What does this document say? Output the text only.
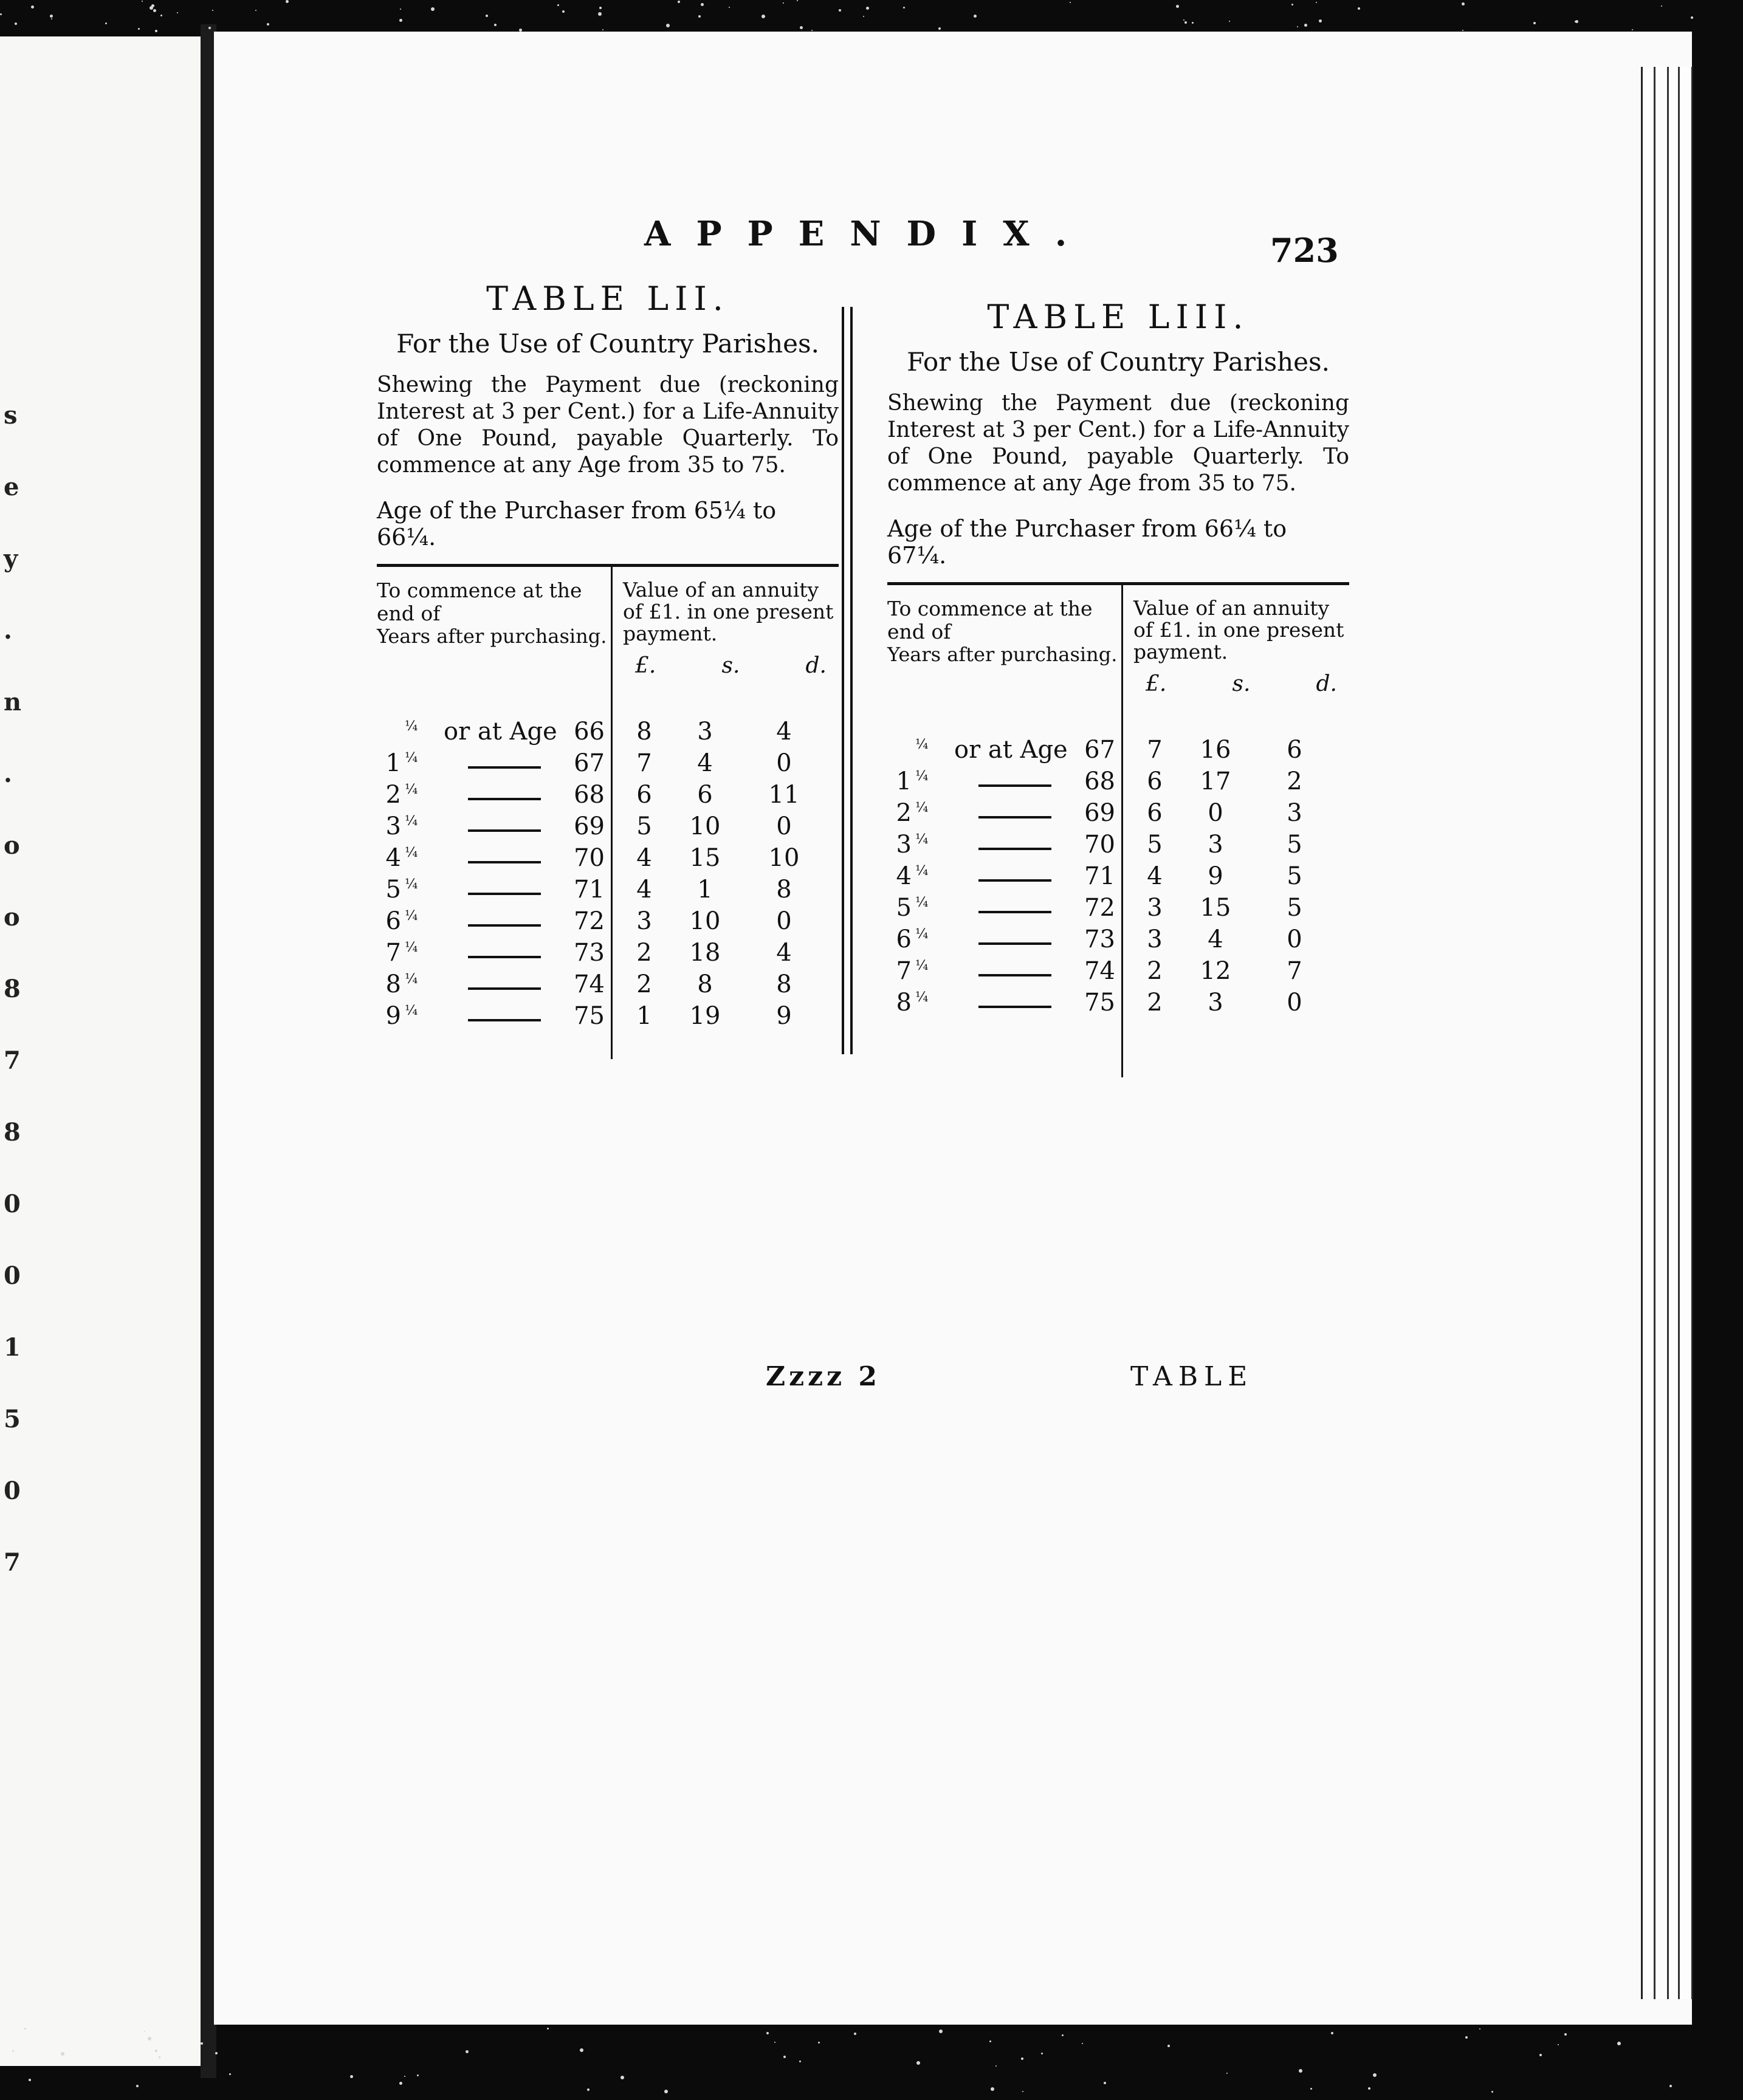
s
e
y
.
n
.
o
o
8
7
8
0
0
1
5
0
7
APPENDIX.	723

TABLE LII.

For the Use of Country Parishes.

Shewing the Payment due (reckoning Interest at 3 per Cent.) for a Life-Annuity of One Pound, payable Quarterly. To commence at any Age from 35 to 75.

Age of the Purchaser from 65¼ to 66¼.

To commence at the end of
Years after purchasing.
Value of an annuity of £1. in one present payment.
£.	s.	d.
¼ or at Age 66	8	3	4
1 ¼	67	7	4	0
2 ¼	68	6	6	11
3 ¼	69	5	10	0
4 ¼	70	4	15 10
5 ¼	71	4	1	8
6 ¼	72	3	10	0
7 ¼	73	2	18	4
8 ¼	74	2	8	8
9 ¼	75	1	19	9

TABLE LIII.

For the Use of Country Parishes.

Shewing the Payment due (reckoning Interest at 3 per Cent.) for a Life-Annuity of One Pound, payable Quarterly. To commence at any Age from 35 to 75.

Age of the Purchaser from 66¼ to 67¼.

To commence at the end of
Years after purchasing.
Value of an annuity of £1. in one present payment.
£.	s.	d.
¼ or at Age 67	7	16	6
1 ¼	68	6	17	2
2 ¼	69	6	0	3
3 ¼	70	5	3	5
4 ¼	71	4	9	5
5 ¼	72	3	15	5
6 ¼	73	3	4	0
7 ¼	74	2	12	7
8 ¼	75	2	3	0
Zzzz 2	TABLE
